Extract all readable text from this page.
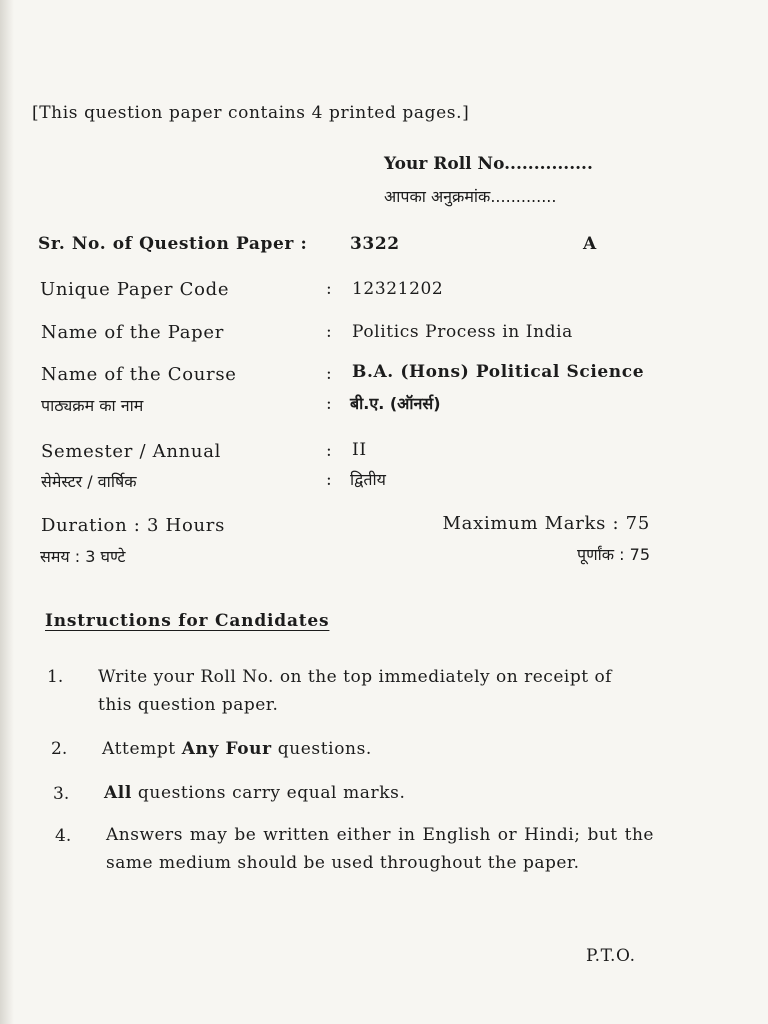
[This question paper contains 4 printed pages.]
Your Roll No...............
आपका अनुक्रमांक.............
Sr. No. of Question Paper :	3322	A
Unique Paper Code	: 12321202
Name of the Paper	: Politics Process in India
Name of the Course	: B.A. (Hons) Political Science
पाठ्यक्रम का नाम	: बी.ए. (ऑनर्स)
Semester / Annual	: II
सेमेस्टर / वार्षिक	: द्वितीय
Duration : 3 Hours	Maximum Marks : 75
समय : 3 घण्टे	पूर्णांक : 75
Instructions for Candidates
1. Write your Roll No. on the top immediately on receipt of this question paper.
2. Attempt Any Four questions.
3. All questions carry equal marks.
4. Answers may be written either in English or Hindi; but the same medium should be used throughout the paper.
P.T.O.
